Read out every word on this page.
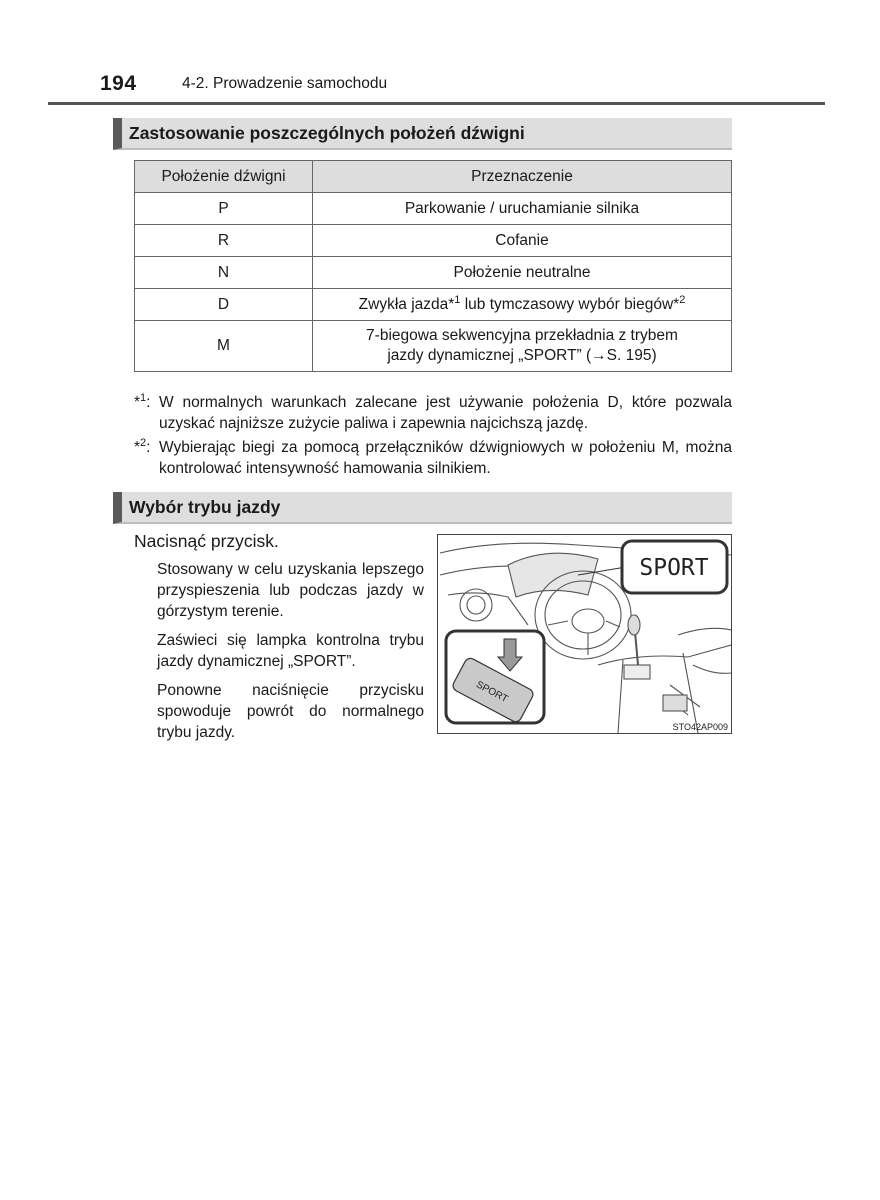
194	4-2. Prowadzenie samochodu
Zastosowanie poszczególnych położeń dźwigni
Położenie dźwigni	Przeznaczenie
P	Parkowanie / uruchamianie silnika
R	Cofanie
N	Położenie neutralne
D	Zwykła jazda*$^1$ lub tymczasowy wybór biegów*$^2$
M	7-biegowa sekwencyjna przekładnia z trybem
jazdy dynamicznej „SPORT” (→S. 195)
*$^1$: W normalnych warunkach zalecane jest używanie położenia D, które pozwala uzyskać najniższe zużycie paliwa i zapewnia najcichszą jazdę.
*$^2$: Wybierając biegi za pomocą przełączników dźwigniowych w położeniu M, można kontrolować intensywność hamowania silnikiem.
Wybór trybu jazdy
Nacisnąć przycisk.

Stosowany w celu uzyskania lepszego przyspieszenia lub podczas jazdy w górzystym terenie.

Zaświeci się lampka kontrolna trybu jazdy dynamicznej „SPORT”.

Ponowne naciśnięcie przycisku spowoduje powrót do normalnego trybu jazdy.

SPORT
SPORT
STO42AP009
